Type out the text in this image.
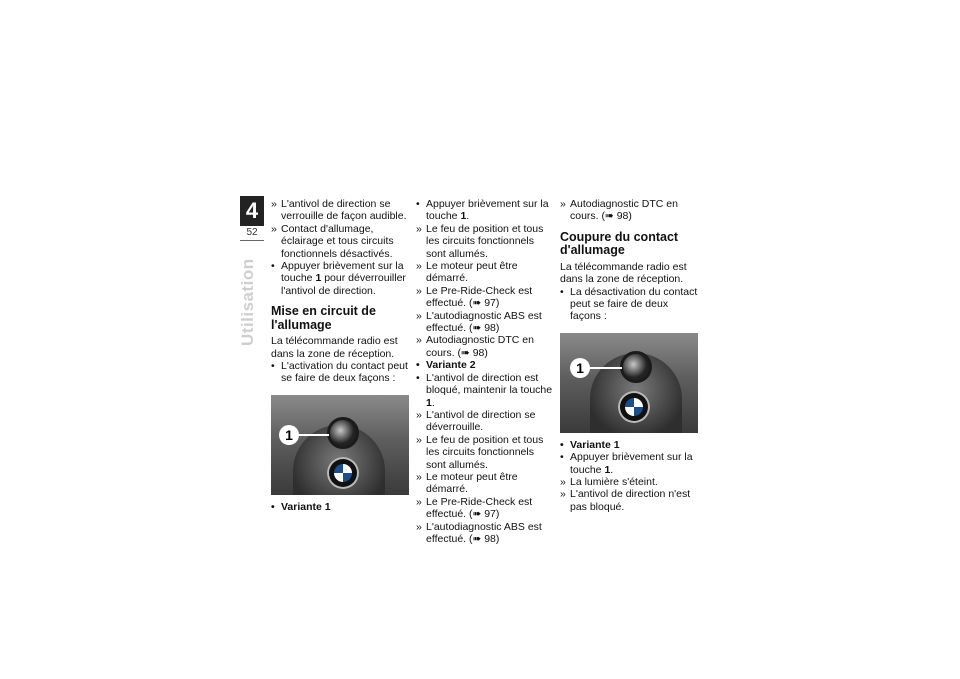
4
52
Utilisation
» L'antivol de direction se verrouille de façon audible.
» Contact d'allumage, éclairage et tous circuits fonctionnels désactivés.
• Appuyer brièvement sur la touche 1 pour déverrouiller l'antivol de direction.
Mise en circuit de l'allumage

La télécommande radio est dans la zone de réception.

• L'activation du contact peut se faire de deux façons :
1
• Variante 1
• Appuyer brièvement sur la touche 1.
» Le feu de position et tous les circuits fonctionnels sont allumés.
» Le moteur peut être démarré.
» Le Pre-Ride-Check est effectué. (➠ 97)
» L'autodiagnostic ABS est effectué. (➠ 98)
» Autodiagnostic DTC en cours. (➠ 98)
• Variante 2
• L'antivol de direction est bloqué, maintenir la touche 1.
» L'antivol de direction se déverrouille.
» Le feu de position et tous les circuits fonctionnels sont allumés.
» Le moteur peut être démarré.
» Le Pre-Ride-Check est effectué. (➠ 97)
» L'autodiagnostic ABS est effectué. (➠ 98)
» Autodiagnostic DTC en cours. (➠ 98)
Coupure du contact d'allumage

La télécommande radio est dans la zone de réception.

• La désactivation du contact peut se faire de deux façons :
1
• Variante 1
• Appuyer brièvement sur la touche 1.
» La lumière s'éteint.
» L'antivol de direction n'est pas bloqué.
